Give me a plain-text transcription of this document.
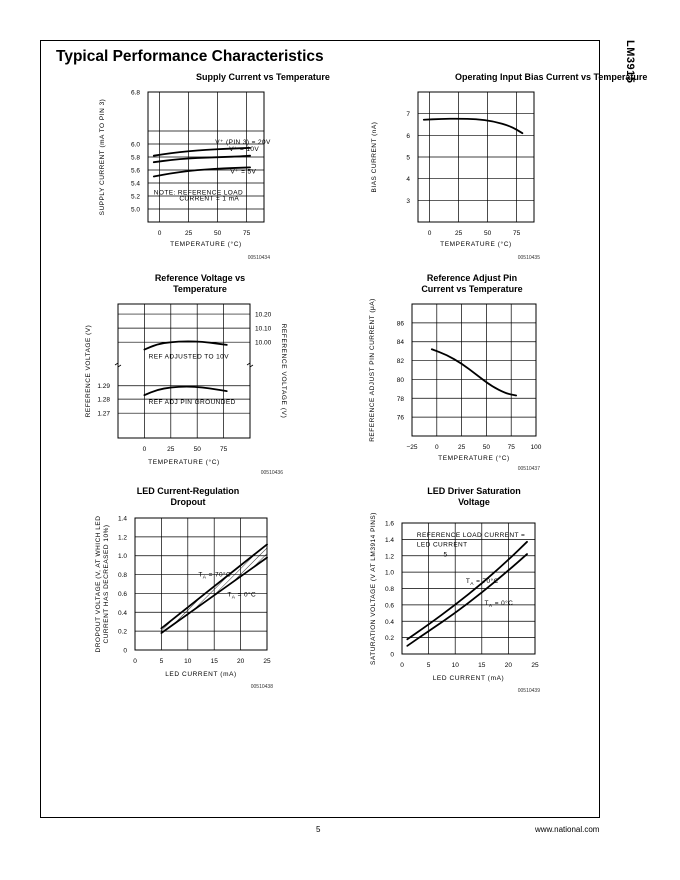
Typical Performance Characteristics	LM3915
5	www.national.com
Supply Current vs Temperature
0	25	50	75
5.0
5.2
5.4
5.6
5.8
6.0
6.8
TEMPERATURE (°C)
SUPPLY CURRENT (mA TO PIN 3)	V⁺ (PIN 3) = 20V
V⁺ = 10V
V⁺ = 5V
NOTE: REFERENCE LOAD
CURRENT = 1 mA
00510434
Operating Input Bias Current vs Temperature
0	25	50	75
3
4
5
6
7
TEMPERATURE (°C)
BIAS CURRENT (nA)
00510435
Reference Voltage vs
Temperature
0	25	50	75
1.27
1.28
1.29
10.00
10.10
10.20
REFERENCE VOLTAGE (V)
TEMPERATURE (°C)
REFERENCE VOLTAGE (V)	REF ADJUSTED TO 10V
REF ADJ PIN GROUNDED
00510436
Reference Adjust Pin
Current vs Temperature
−25	0	25	50	75 100
76
78
80
82
84
86
TEMPERATURE (°C)
REFERENCE ADJUST PIN CURRENT (μA)
00510437
LED Current-Regulation
Dropout
0	5	10	15	20	25
0
0.2
0.4
0.6
0.8
1.0
1.2
1.4
LED CURRENT (mA)
DROPOUT VOLTAGE (V, AT WHICH LED CURRENT HAS DECREASED 10%)	$T_A = 70^\circ C$
$T_A = 0^\circ C$
00510438
LED Driver Saturation
Voltage
0	5	10	15	20	25
0
0.2
0.4
0.6
0.8
1.0
1.2
1.4
1.6
LED CURRENT (mA)
SATURATION VOLTAGE (V AT LM3914 PINS)	REFERENCE LOAD CURRENT =
LED CURRENT
5
$T_A = 70^\circ C$
$T_A = 0^\circ C$
00510439
